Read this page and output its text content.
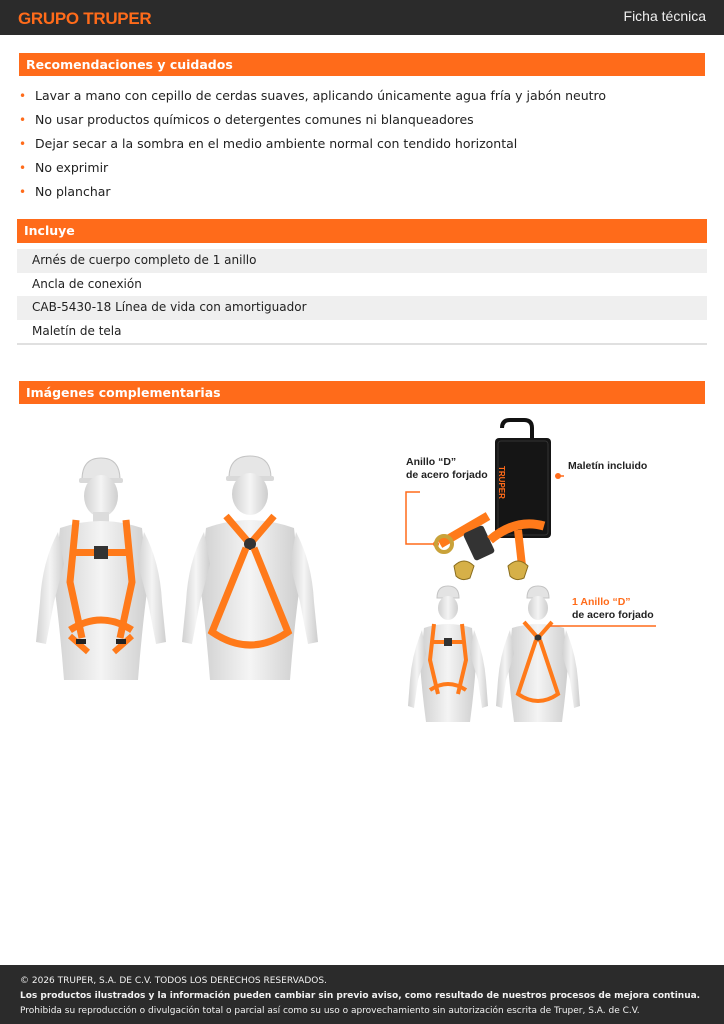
GRUPO TRUPER	Ficha técnica
Recomendaciones y cuidados
• Lavar a mano con cepillo de cerdas suaves, aplicando únicamente agua fría y jabón neutro
• No usar productos químicos o detergentes comunes ni blanqueadores
• Dejar secar a la sombra en el medio ambiente normal con tendido horizontal
• No exprimir
• No planchar
Incluye
Arnés de cuerpo completo de 1 anillo
Ancla de conexión
CAB-5430-18 Línea de vida con amortiguador
Maletín de tela
Imágenes complementarias
TRUPER
Anillo “D”
de acero forjado
Maletín incluido
1 Anillo “D”
de acero forjado
© 2026 TRUPER, S.A. DE C.V. TODOS LOS DERECHOS RESERVADOS.
Los productos ilustrados y la información pueden cambiar sin previo aviso, como resultado de nuestros procesos de mejora continua.
Prohibida su reproducción o divulgación total o parcial así como su uso o aprovechamiento sin autorización escrita de Truper, S.A. de C.V.
